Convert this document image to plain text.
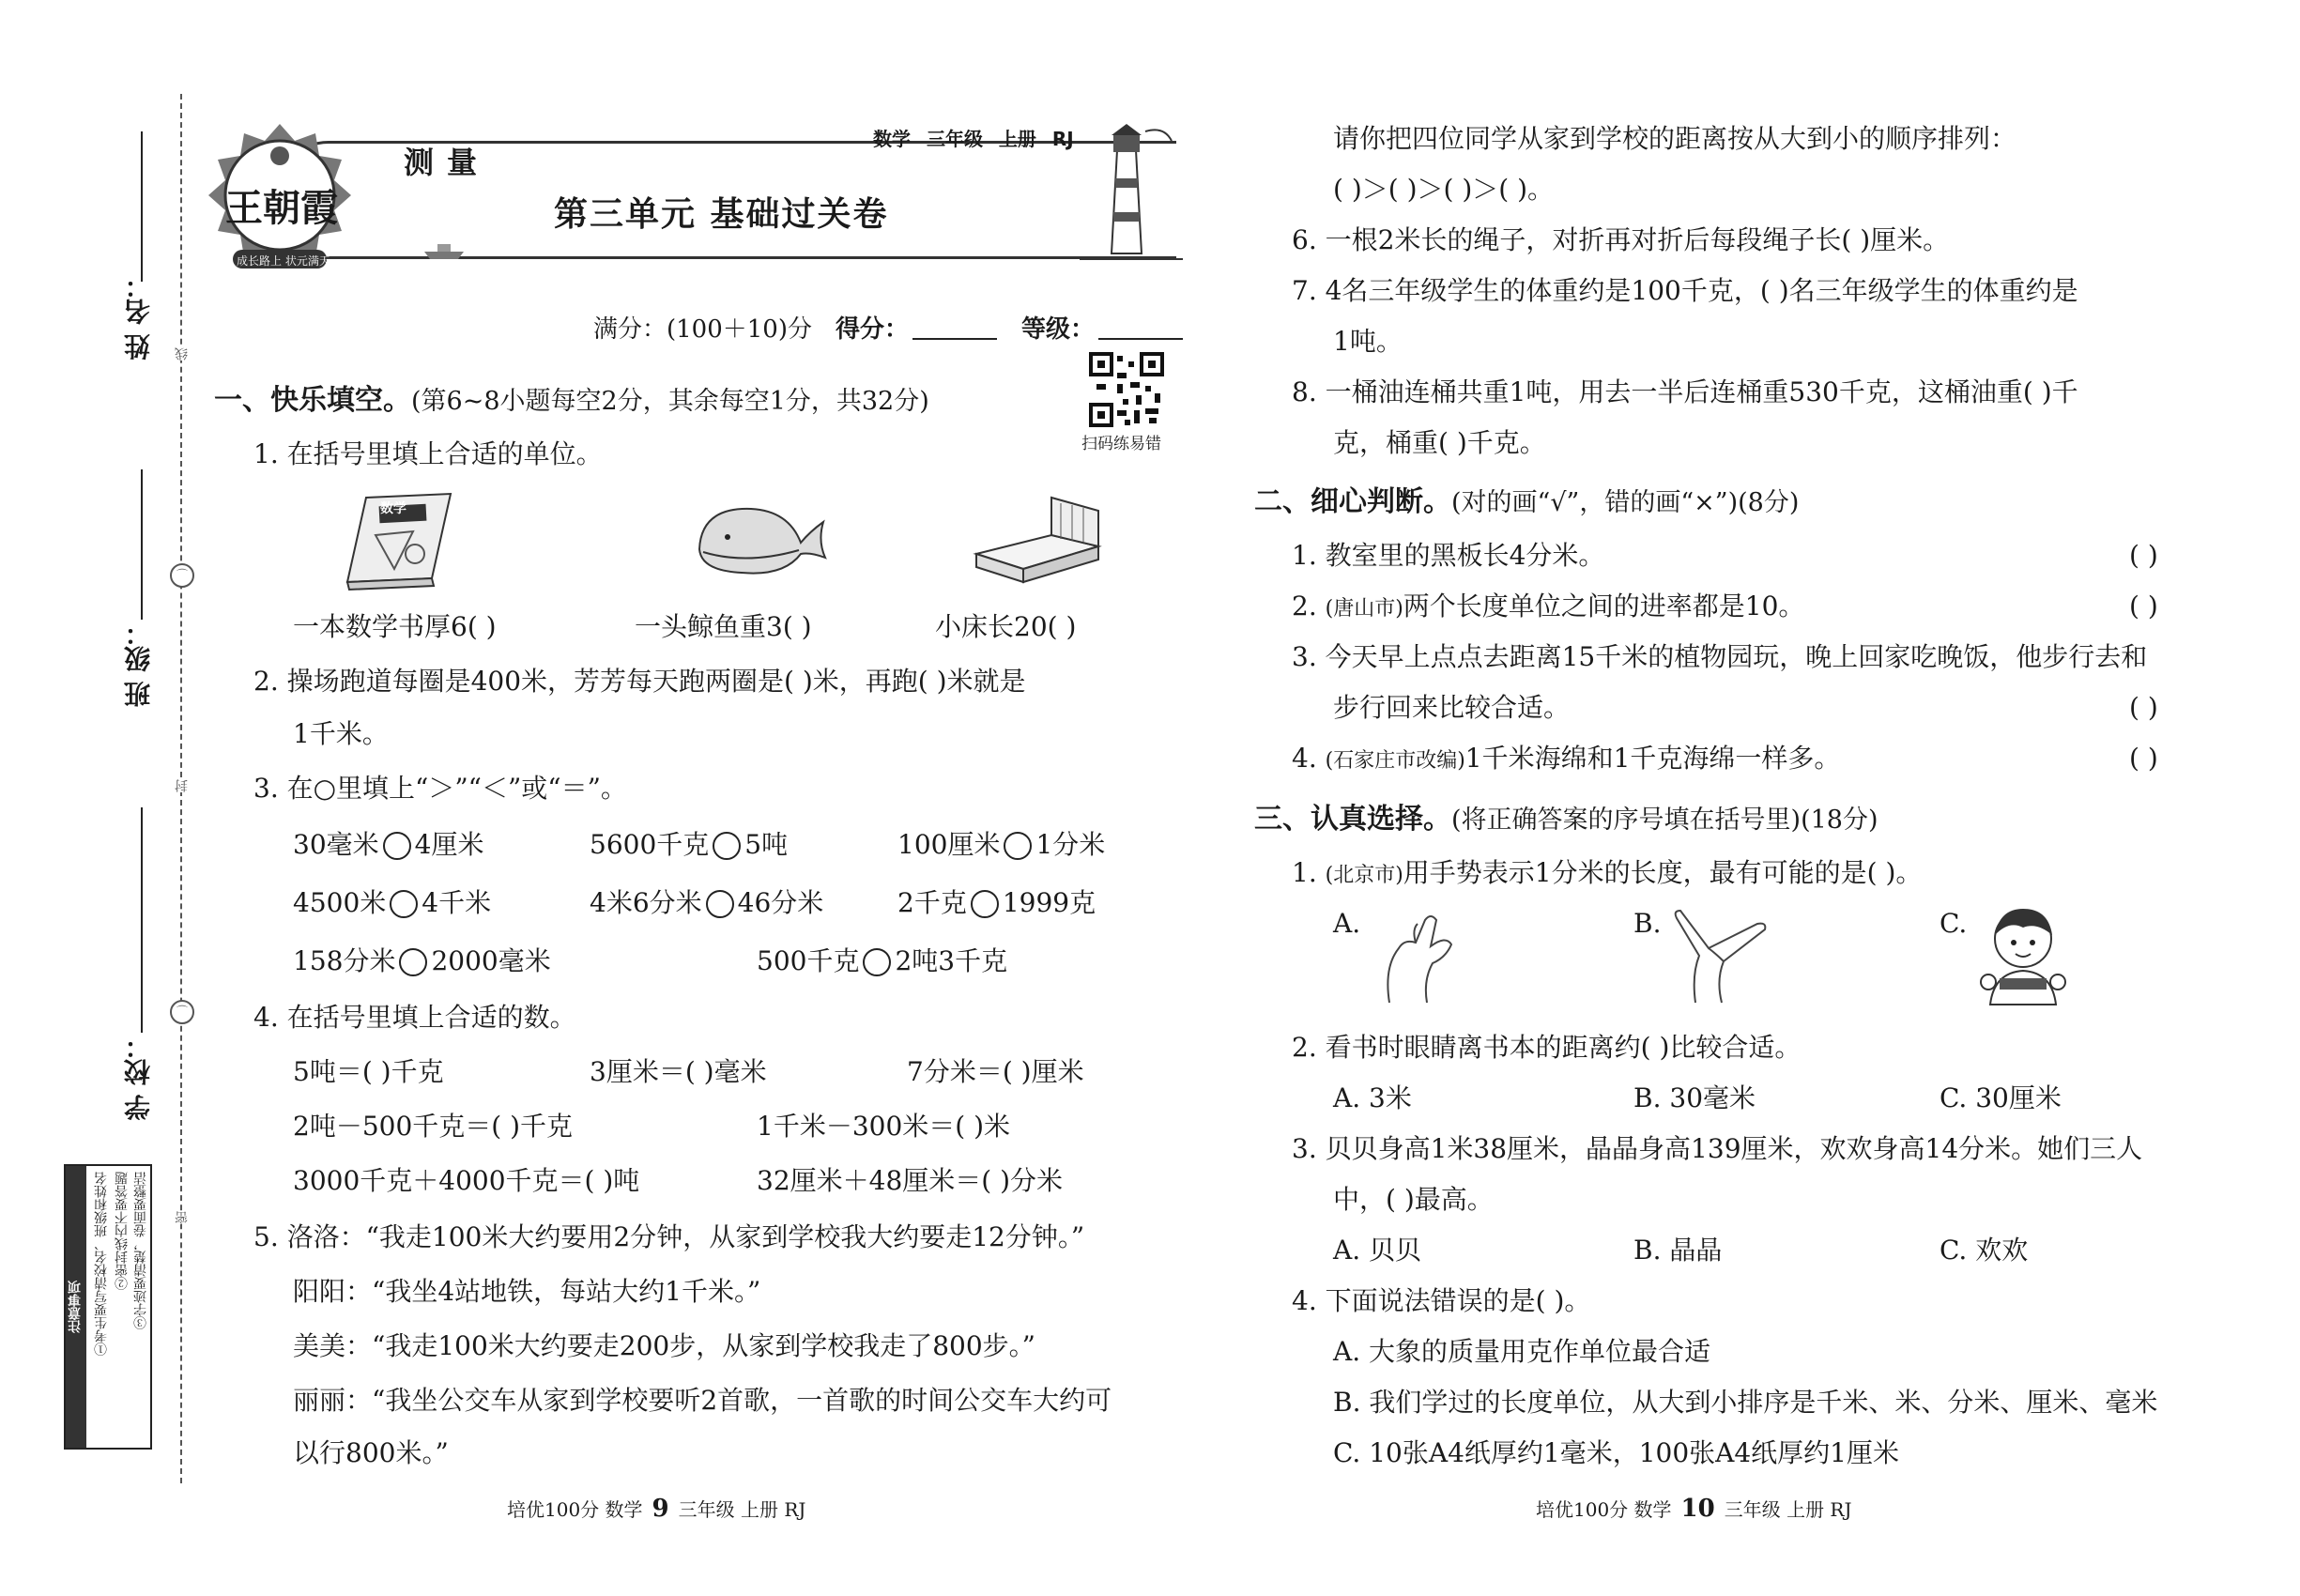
姓 名：
班 级：
学 校：
线
封
密
⌒
⌒
注意事项 ①考生要写清校名、班级和姓名 ②密封线内不要答题 ③字迹要清楚，卷面要整洁
王朝霞
成长路上 状元满天
测量
数学 三年级 上册 RJ
第三单元 基础过关卷
满分：(100＋10)分 得分：	等级：
扫码练易错
一、快乐填空。(第6~8小题每空2分，其余每空1分，共32分)
1. 在括号里填上合适的单位。
数学
一本数学书厚6( )	一头鲸鱼重3( )	小床长20( )
2. 操场跑道每圈是400米，芳芳每天跑两圈是( )米，再跑( )米就是
1千米。
3. 在○里填上“＞”“＜”或“＝”。
30毫米 4厘米	5600千克 5吨	100厘米 1分米
4500米 4千米	4米6分米 46分米	2千克 1999克
158分米 2000毫米	500千克 2吨3千克
4. 在括号里填上合适的数。
5吨＝( )千克	3厘米＝( )毫米	7分米＝( )厘米
2吨－500千克＝( )千克	1千米－300米＝( )米
3000千克＋4000千克＝( )吨	32厘米＋48厘米＝( )分米
5. 洛洛：“我走100米大约要用2分钟，从家到学校我大约要走12分钟。”
阳阳：“我坐4站地铁，每站大约1千米。”
美美：“我走100米大约要走200步，从家到学校我走了800步。”
丽丽：“我坐公交车从家到学校要听2首歌，一首歌的时间公交车大约可
以行800米。”
培优100分 数学 9 三年级 上册 RJ
请你把四位同学从家到学校的距离按从大到小的顺序排列：
( )＞( )＞( )＞( )。
6. 一根2米长的绳子，对折再对折后每段绳子长( )厘米。
7. 4名三年级学生的体重约是100千克，( )名三年级学生的体重约是
1吨。
8. 一桶油连桶共重1吨，用去一半后连桶重530千克，这桶油重( )千
克，桶重( )千克。
二、细心判断。(对的画“√”，错的画“×”)(8分)
1. 教室里的黑板长4分米。	( )
2. (唐山市)两个长度单位之间的进率都是10。	( )
3. 今天早上点点去距离15千米的植物园玩，晚上回家吃晚饭，他步行去和
步行回来比较合适。	( )
4. (石家庄市改编)1千米海绵和1千克海绵一样多。	( )
三、认真选择。(将正确答案的序号填在括号里)(18分)
1. (北京市)用手势表示1分米的长度，最有可能的是( )。
A.	B.	C.
2. 看书时眼睛离书本的距离约( )比较合适。
A. 3米	B. 30毫米	C. 30厘米
3. 贝贝身高1米38厘米，晶晶身高139厘米，欢欢身高14分米。她们三人
中，( )最高。
A. 贝贝	B. 晶晶	C. 欢欢
4. 下面说法错误的是( )。
A. 大象的质量用克作单位最合适
B. 我们学过的长度单位，从大到小排序是千米、米、分米、厘米、毫米
C. 10张A4纸厚约1毫米，100张A4纸厚约1厘米
培优100分 数学 10 三年级 上册 RJ
